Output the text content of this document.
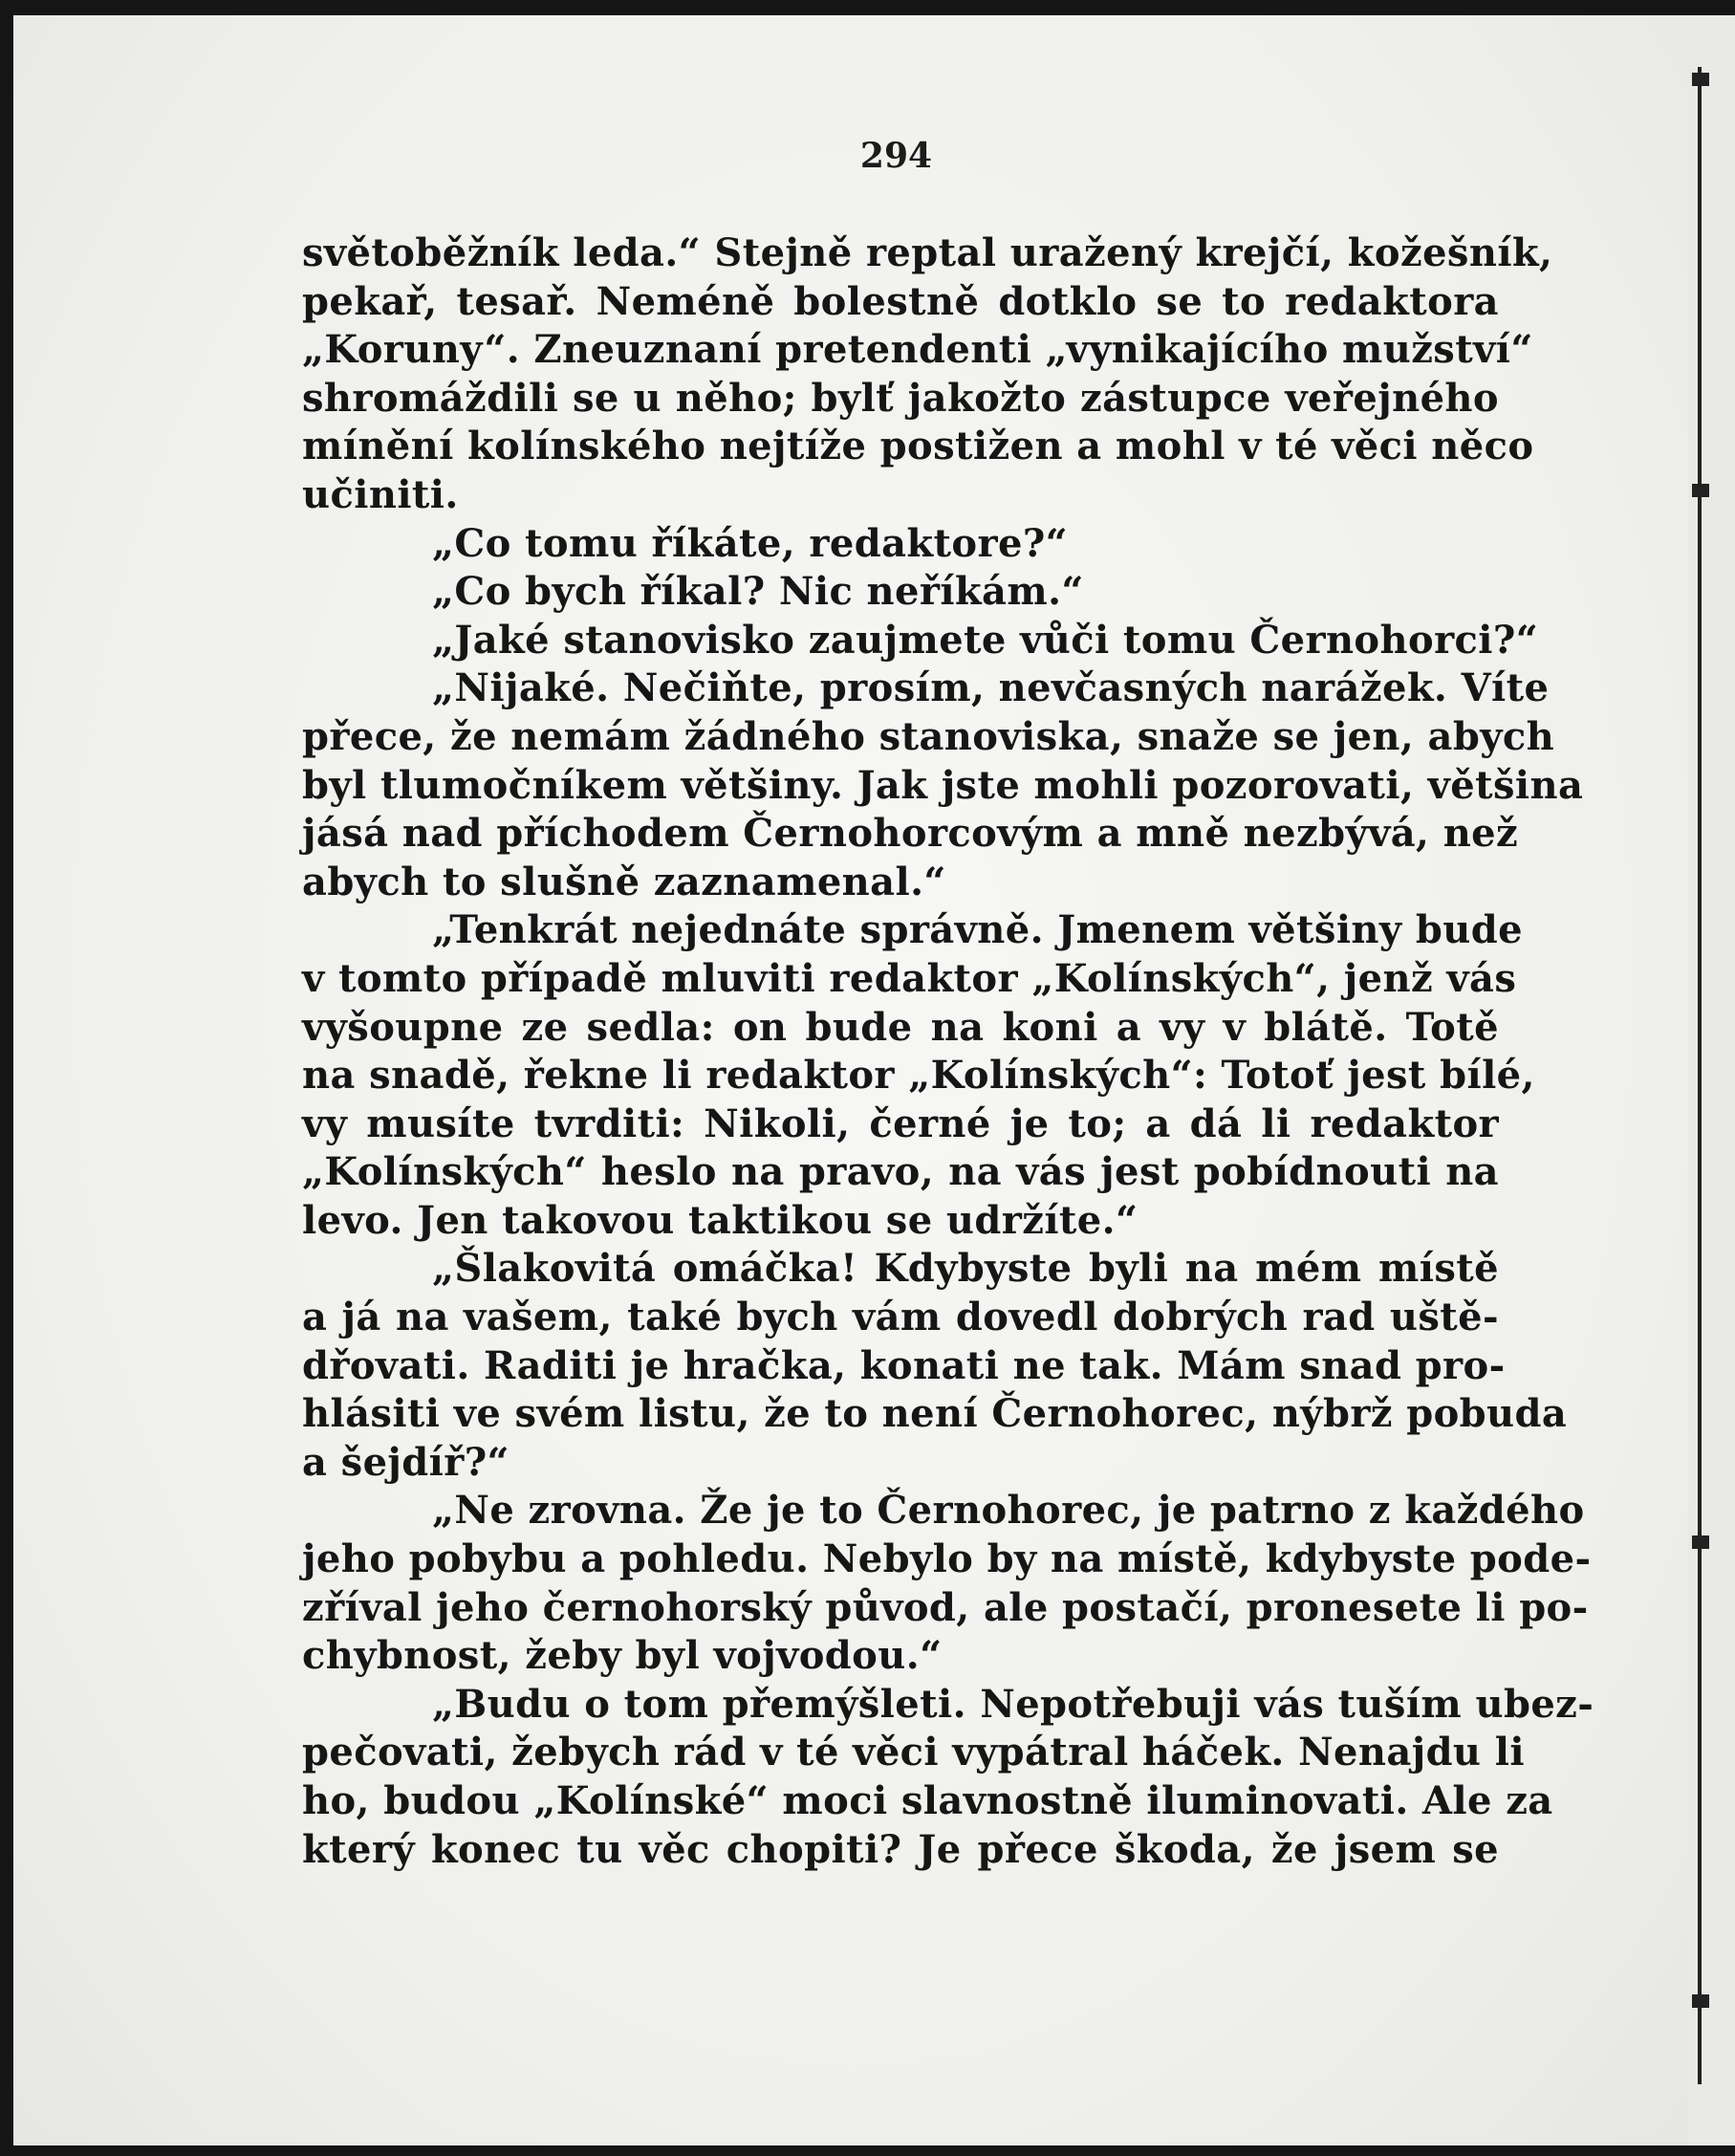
294
světoběžník leda.“ Stejně reptal uražený krejčí, kožešník,
pekař, tesař. Neméně bolestně dotklo se to redaktora
„Koruny“. Zneuznaní pretendenti „vynikajícího mužství“
shromáždili se u něho; bylť jakožto zástupce veřejného
mínění kolínského nejtíže postižen a mohl v té věci něco
učiniti.
„Co tomu říkáte, redaktore?“
„Co bych říkal? Nic neříkám.“
„Jaké stanovisko zaujmete vůči tomu Černohorci?“
„Nijaké. Nečiňte, prosím, nevčasných narážek. Víte
přece, že nemám žádného stanoviska, snaže se jen, abych
byl tlumočníkem většiny. Jak jste mohli pozorovati, většina
jásá nad příchodem Černohorcovým a mně nezbývá, než
abych to slušně zaznamenal.“
„Tenkrát nejednáte správně. Jmenem většiny bude
v tomto případě mluviti redaktor „Kolínských“, jenž vás
vyšoupne ze sedla: on bude na koni a vy v blátě. Totě
na snadě, řekne li redaktor „Kolínských“: Totoť jest bílé,
vy musíte tvrditi: Nikoli, černé je to; a dá li redaktor
„Kolínských“ heslo na pravo, na vás jest pobídnouti na
levo. Jen takovou taktikou se udržíte.“
„Šlakovitá omáčka! Kdybyste byli na mém místě
a já na vašem, také bych vám dovedl dobrých rad uště-
dřovati. Raditi je hračka, konati ne tak. Mám snad pro-
hlásiti ve svém listu, že to není Černohorec, nýbrž pobuda
a šejdíř?“
„Ne zrovna. Že je to Černohorec, je patrno z každého
jeho pobybu a pohledu. Nebylo by na místě, kdybyste pode-
zříval jeho černohorský původ, ale postačí, pronesete li po-
chybnost, žeby byl vojvodou.“
„Budu o tom přemýšleti. Nepotřebuji vás tuším ubez-
pečovati, žebych rád v té věci vypátral háček. Nenajdu li
ho, budou „Kolínské“ moci slavnostně iluminovati. Ale za
který konec tu věc chopiti? Je přece škoda, že jsem se
